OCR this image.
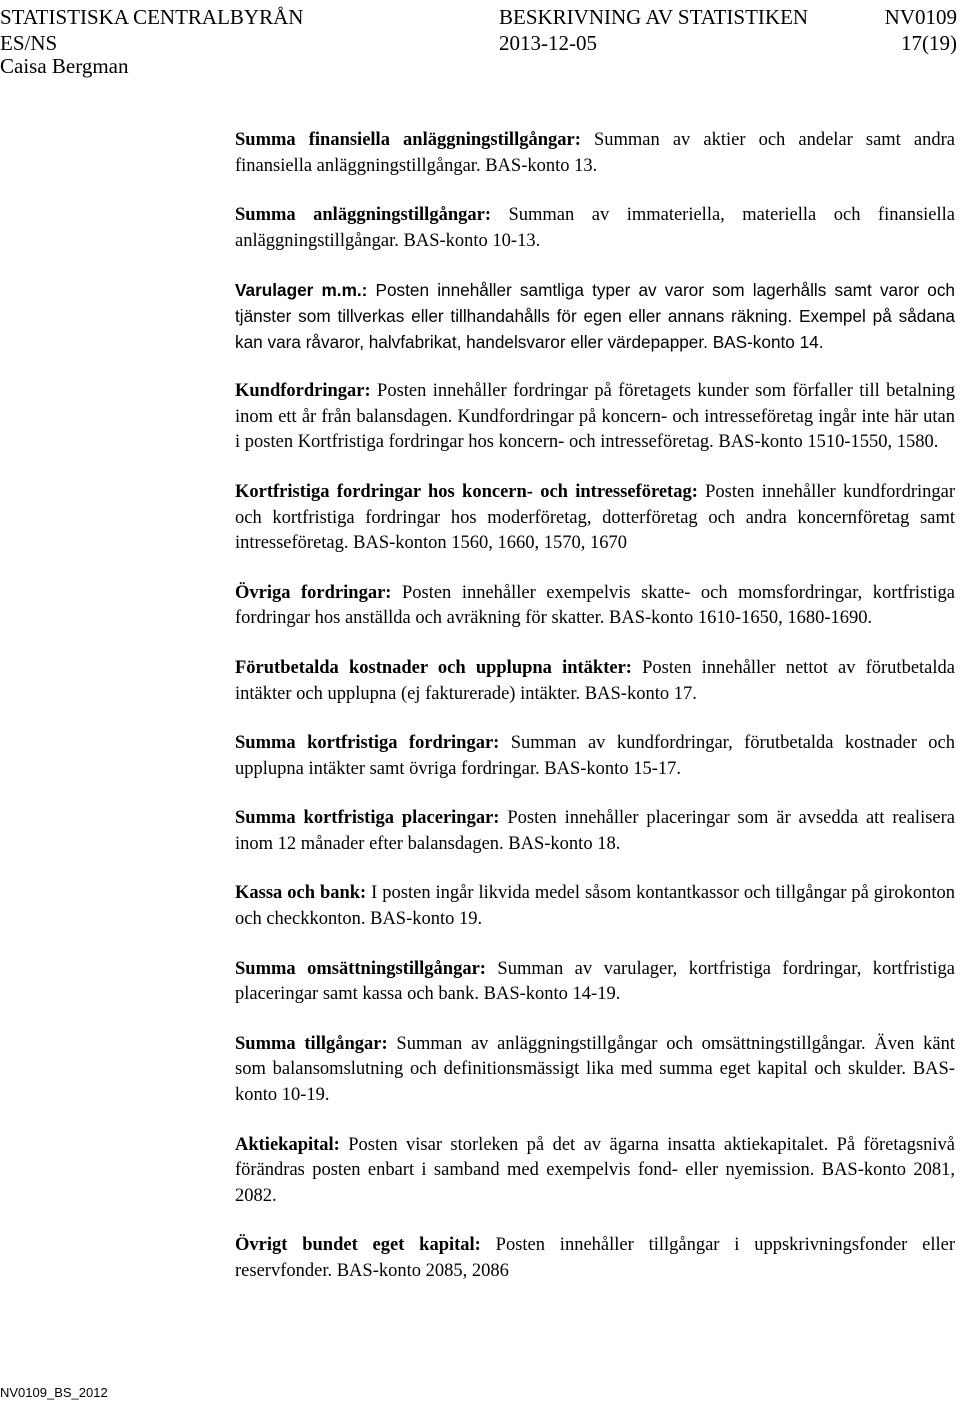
STATISTISKA CENTRALBYRÅN
ES/NS
Caisa Bergman
BESKRIVNING AV STATISTIKEN
2013-12-05
NV0109
17(19)

Summa finansiella anläggningstillgångar: Summan av aktier och andelar samt andra finansiella anläggningstillgångar. BAS-konto 13.

Summa anläggningstillgångar: Summan av immateriella, materiella och finansiella anläggningstillgångar. BAS-konto 10-13.

Varulager m.m.: Posten innehåller samtliga typer av varor som lagerhålls samt varor och tjänster som tillverkas eller tillhandahålls för egen eller annans räkning. Exempel på sådana kan vara råvaror, halvfabrikat, handelsvaror eller värdepapper. BAS-konto 14.

Kundfordringar: Posten innehåller fordringar på företagets kunder som förfaller till betalning inom ett år från balansdagen. Kundfordringar på koncern- och intresseföretag ingår inte här utan i posten Kortfristiga fordringar hos koncern- och intresseföretag. BAS-konto 1510-1550, 1580.

Kortfristiga fordringar hos koncern- och intresseföretag: Posten innehåller kundfordringar och kortfristiga fordringar hos moderföretag, dotterföretag och andra koncernföretag samt intresseföretag. BAS-konton 1560, 1660, 1570, 1670

Övriga fordringar: Posten innehåller exempelvis skatte- och momsfordringar, kortfristiga fordringar hos anställda och avräkning för skatter. BAS-konto 1610-1650, 1680-1690.

Förutbetalda kostnader och upplupna intäkter: Posten innehåller nettot av förutbetalda intäkter och upplupna (ej fakturerade) intäkter. BAS-konto 17.

Summa kortfristiga fordringar: Summan av kundfordringar, förutbetalda kostnader och upplupna intäkter samt övriga fordringar. BAS-konto 15-17.

Summa kortfristiga placeringar: Posten innehåller placeringar som är avsedda att realisera inom 12 månader efter balansdagen. BAS-konto 18.

Kassa och bank: I posten ingår likvida medel såsom kontantkassor och tillgångar på girokonton och checkkonton. BAS-konto 19.

Summa omsättningstillgångar: Summan av varulager, kortfristiga fordringar, kortfristiga placeringar samt kassa och bank. BAS-konto 14-19.

Summa tillgångar: Summan av anläggningstillgångar och omsättningstillgångar. Även känt som balansomslutning och definitionsmässigt lika med summa eget kapital och skulder. BAS-konto 10-19.

Aktiekapital: Posten visar storleken på det av ägarna insatta aktiekapitalet. På företagsnivå förändras posten enbart i samband med exempelvis fond- eller nyemission. BAS-konto 2081, 2082.

Övrigt bundet eget kapital: Posten innehåller tillgångar i uppskrivningsfonder eller reservfonder. BAS-konto 2085, 2086

NV0109_BS_2012
